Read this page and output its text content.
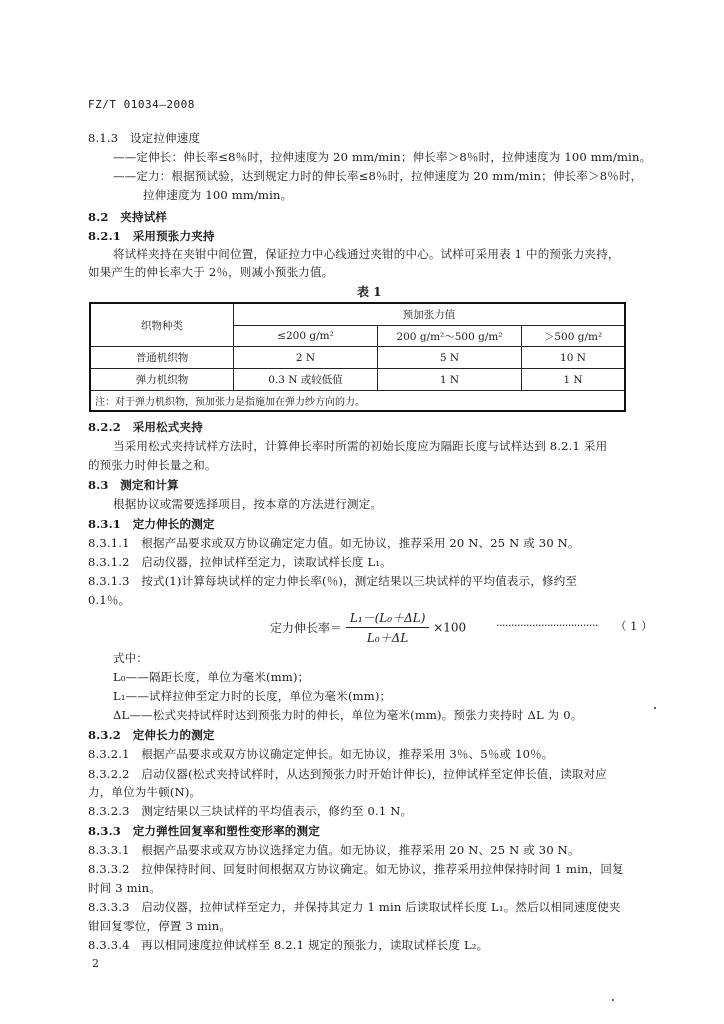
FZ/T 01034—2008
8.1.3　设定拉伸速度
——定伸长：伸长率≤8％时，拉伸速度为 20 mm/min；伸长率＞8％时，拉伸速度为 100 mm/min。
——定力：根据预试验，达到规定力时的伸长率≤8％时，拉伸速度为 20 mm/min；伸长率＞8％时，
拉伸速度为 100 mm/min。
8.2　夹持试样
8.2.1　采用预张力夹持
将试样夹持在夹钳中间位置，保证拉力中心线通过夹钳的中心。试样可采用表 1 中的预张力夹持，
如果产生的伸长率大于 2％，则减小预张力值。
表 1
织物种类	预加张力值		
	≤200 g/m²	200 g/m²～500 g/m²	＞500 g/m²
普通机织物	2 N	5 N	10 N
弹力机织物	0.3 N 或较低值	1 N	1 N
注：对于弹力机织物，预加张力是指施加在弹力纱方向的力。			
8.2.2　采用松式夹持
当采用松式夹持试样方法时，计算伸长率时所需的初始长度应为隔距长度与试样达到 8.2.1 采用
的预张力时伸长量之和。
8.3　测定和计算
根据协议或需要选择项目，按本章的方法进行测定。
8.3.1　定力伸长的测定
8.3.1.1　根据产品要求或双方协议确定定力值。如无协议，推荐采用 20 N、25 N 或 30 N。
8.3.1.2　启动仪器，拉伸试样至定力，读取试样长度 L₁。
8.3.1.3　按式(1)计算每块试样的定力伸长率(％)，测定结果以三块试样的平均值表示，修约至
0.1％。
定力伸长率＝ $\frac{\text{L₁－(L₀＋ΔL)}}{\text{L₀＋ΔL}} \times 100$	·································· （ 1 ）
式中：
L₀——隔距长度，单位为毫米(mm)；
L₁——试样拉伸至定力时的长度，单位为毫米(mm)；
ΔL——松式夹持试样时达到预张力时的伸长，单位为毫米(mm)。预张力夹持时 ΔL 为 0。
8.3.2　定伸长力的测定
8.3.2.1　根据产品要求或双方协议确定定伸长。如无协议，推荐采用 3％、5％或 10％。
8.3.2.2　启动仪器(松式夹持试样时，从达到预张力时开始计伸长)，拉伸试样至定伸长值，读取对应
力，单位为牛顿(N)。
8.3.2.3　测定结果以三块试样的平均值表示，修约至 0.1 N。
8.3.3　定力弹性回复率和塑性变形率的测定
8.3.3.1　根据产品要求或双方协议选择定力值。如无协议，推荐采用 20 N、25 N 或 30 N。
8.3.3.2　拉伸保持时间、回复时间根据双方协议确定。如无协议，推荐采用拉伸保持时间 1 min，回复
时间 3 min。
8.3.3.3　启动仪器，拉伸试样至定力，并保持其定力 1 min 后读取试样长度 L₁。然后以相同速度使夹
钳回复零位，停置 3 min。
8.3.3.4　再以相同速度拉伸试样至 8.2.1 规定的预张力，读取试样长度 L₂。
2
